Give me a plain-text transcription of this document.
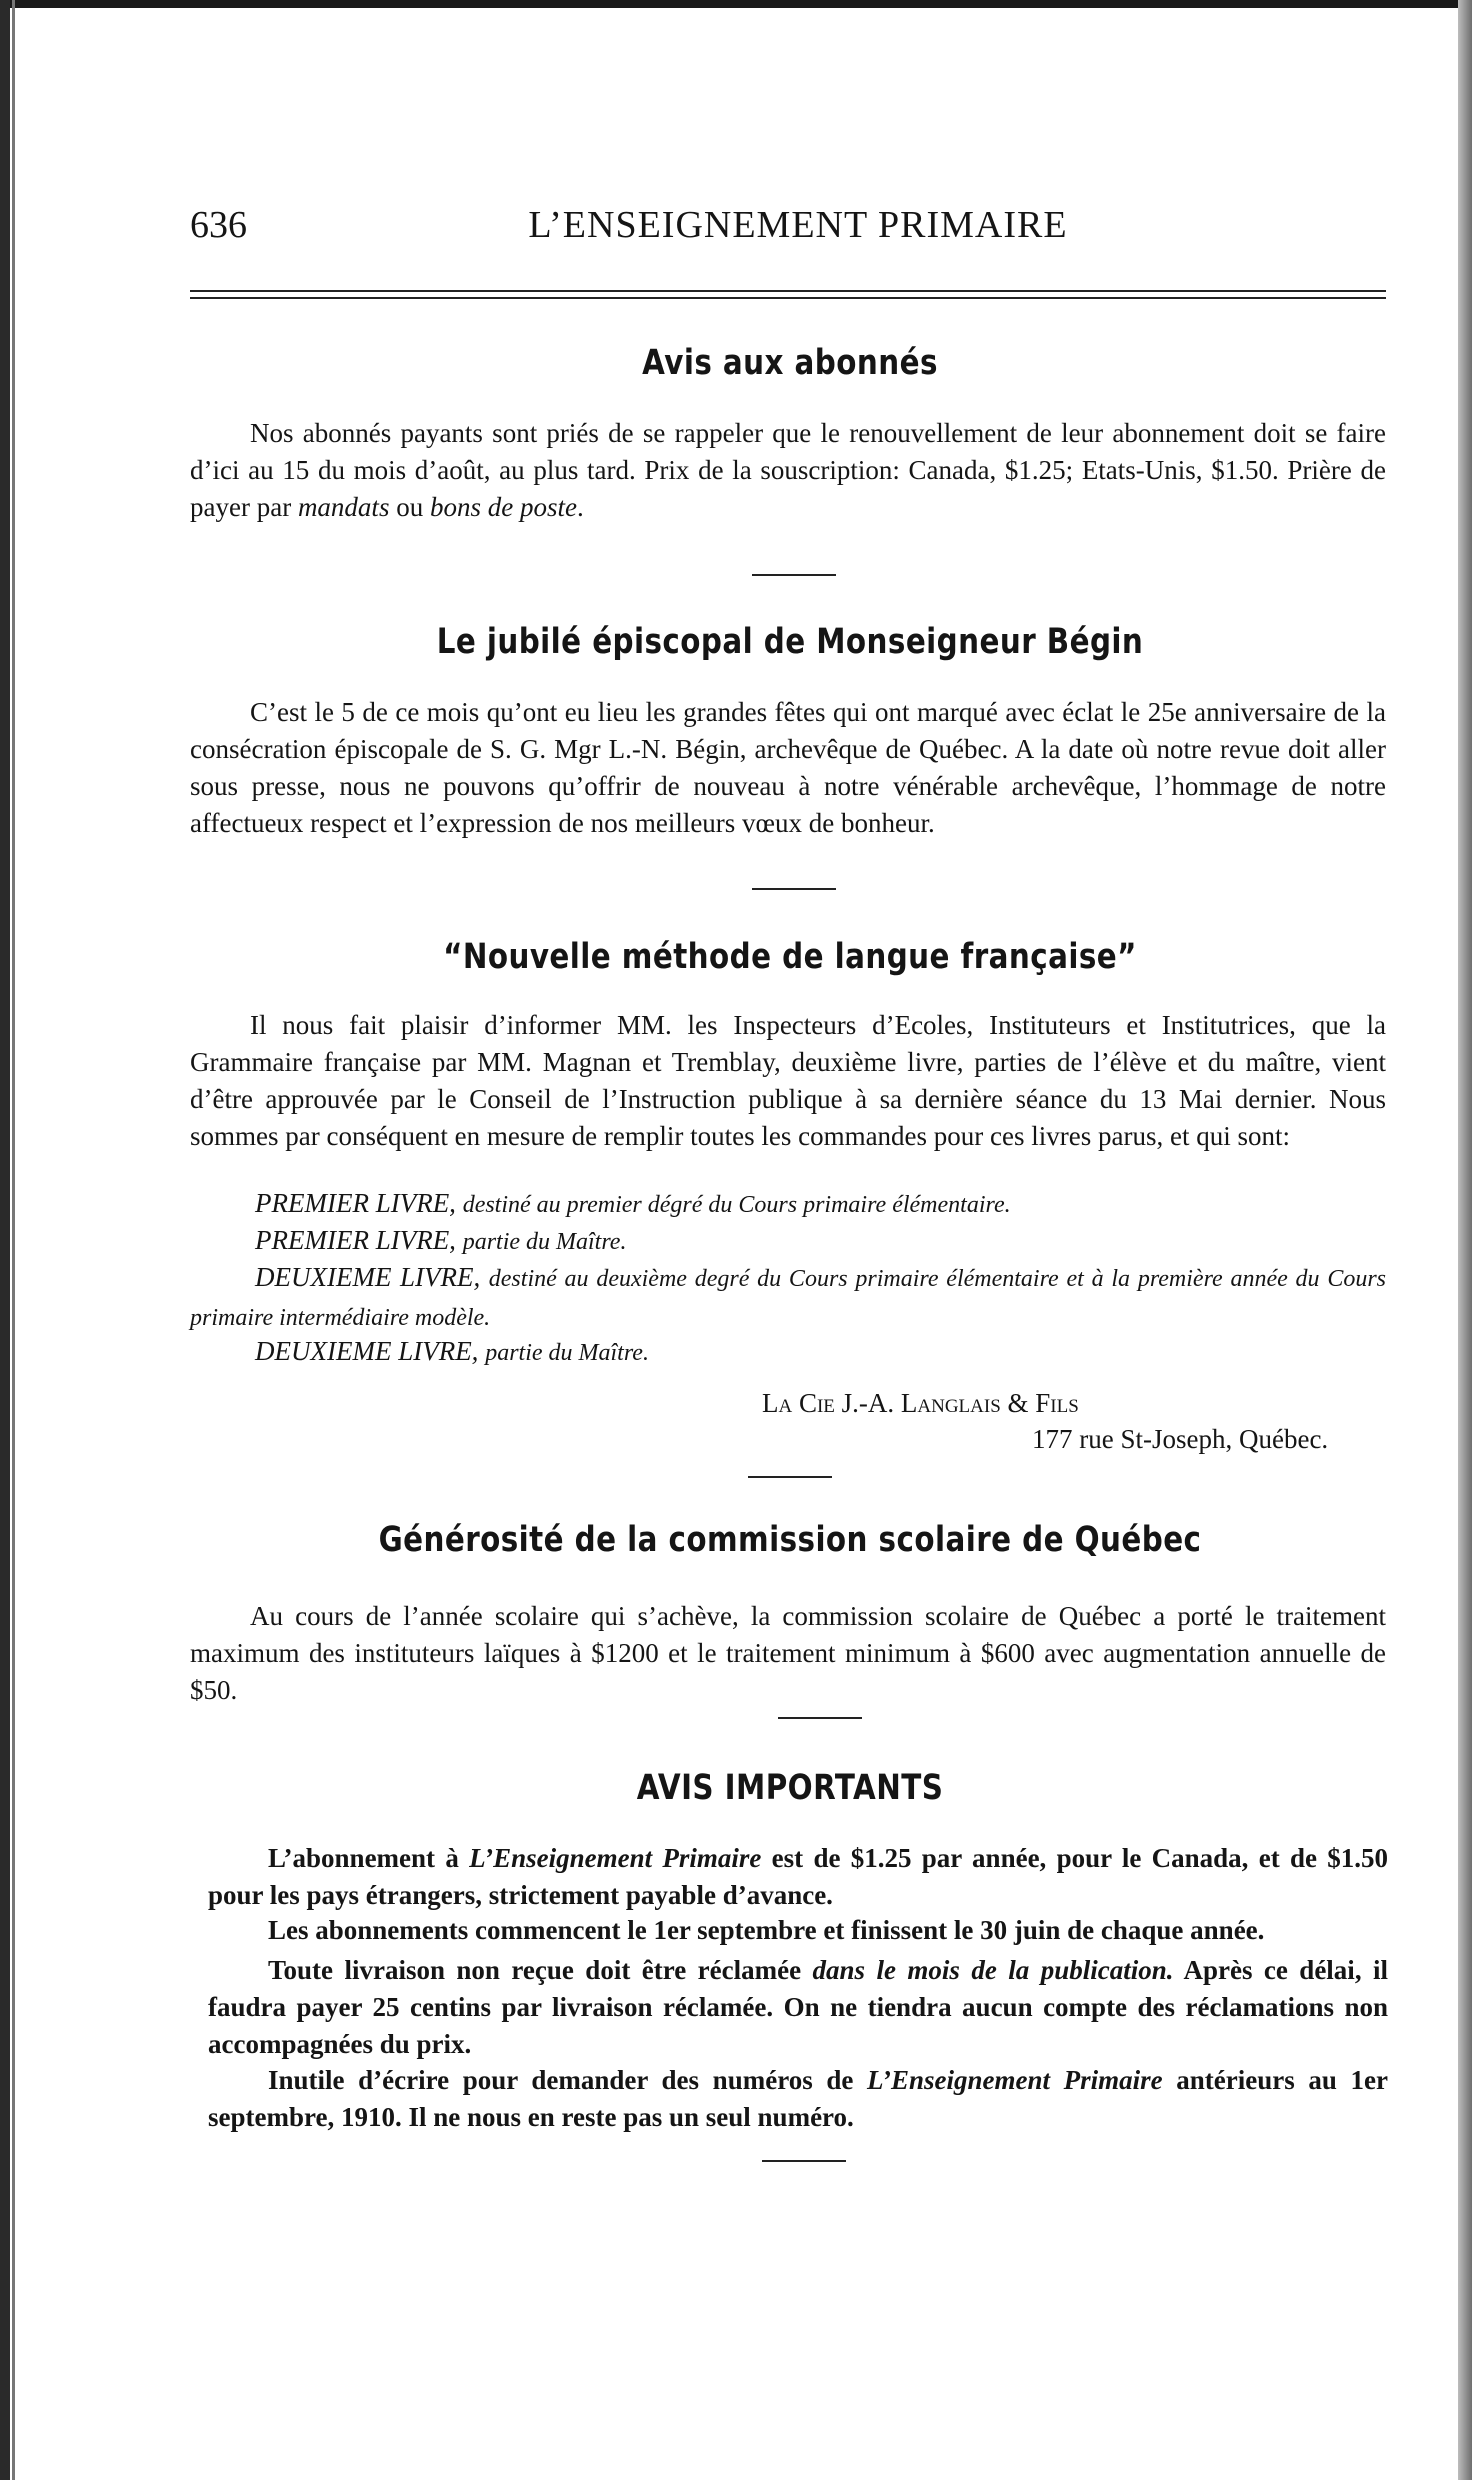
636	L’ENSEIGNEMENT PRIMAIRE
Avis aux abonnés
Nos abonnés payants sont priés de se rappeler que le renouvellement de leur abonnement doit se faire d’ici au 15 du mois d’août, au plus tard. Prix de la souscription: Canada, $1.25; Etats-Unis, $1.50. Prière de payer par mandats ou bons de poste.
Le jubilé épiscopal de Monseigneur Bégin
C’est le 5 de ce mois qu’ont eu lieu les grandes fêtes qui ont marqué avec éclat le 25e anniversaire de la consécration épiscopale de S. G. Mgr L.-N. Bégin, archevêque de Québec. A la date où notre revue doit aller sous presse, nous ne pouvons qu’offrir de nouveau à notre vénérable archevêque, l’hommage de notre affectueux respect et l’expression de nos meilleurs vœux de bonheur.
“Nouvelle méthode de langue française”
Il nous fait plaisir d’informer MM. les Inspecteurs d’Ecoles, Instituteurs et Institutrices, que la Grammaire française par MM. Magnan et Tremblay, deuxième livre, parties de l’élève et du maître, vient d’être approuvée par le Conseil de l’Instruction publique à sa dernière séance du 13 Mai dernier. Nous sommes par conséquent en mesure de remplir toutes les commandes pour ces livres parus, et qui sont:
PREMIER LIVRE, destiné au premier dégré du Cours primaire élémentaire.
PREMIER LIVRE, partie du Maître.
DEUXIEME LIVRE, destiné au deuxième degré du Cours primaire élémentaire et à la première année du Cours primaire intermédiaire modèle.
DEUXIEME LIVRE, partie du Maître.
La Cie J.-A. Langlais & Fils
177 rue St-Joseph, Québec.
Générosité de la commission scolaire de Québec
Au cours de l’année scolaire qui s’achève, la commission scolaire de Québec a porté le traitement maximum des instituteurs laïques à $1200 et le traitement minimum à $600 avec augmentation annuelle de $50.
AVIS IMPORTANTS
L’abonnement à L’Enseignement Primaire est de $1.25 par année, pour le Canada, et de $1.50 pour les pays étrangers, strictement payable d’avance.
Les abonnements commencent le 1er septembre et finissent le 30 juin de chaque année.
Toute livraison non reçue doit être réclamée dans le mois de la publication. Après ce délai, il faudra payer 25 centins par livraison réclamée. On ne tiendra aucun compte des réclamations non accompagnées du prix.
Inutile d’écrire pour demander des numéros de L’Enseignement Primaire antérieurs au 1er septembre, 1910. Il ne nous en reste pas un seul numéro.
